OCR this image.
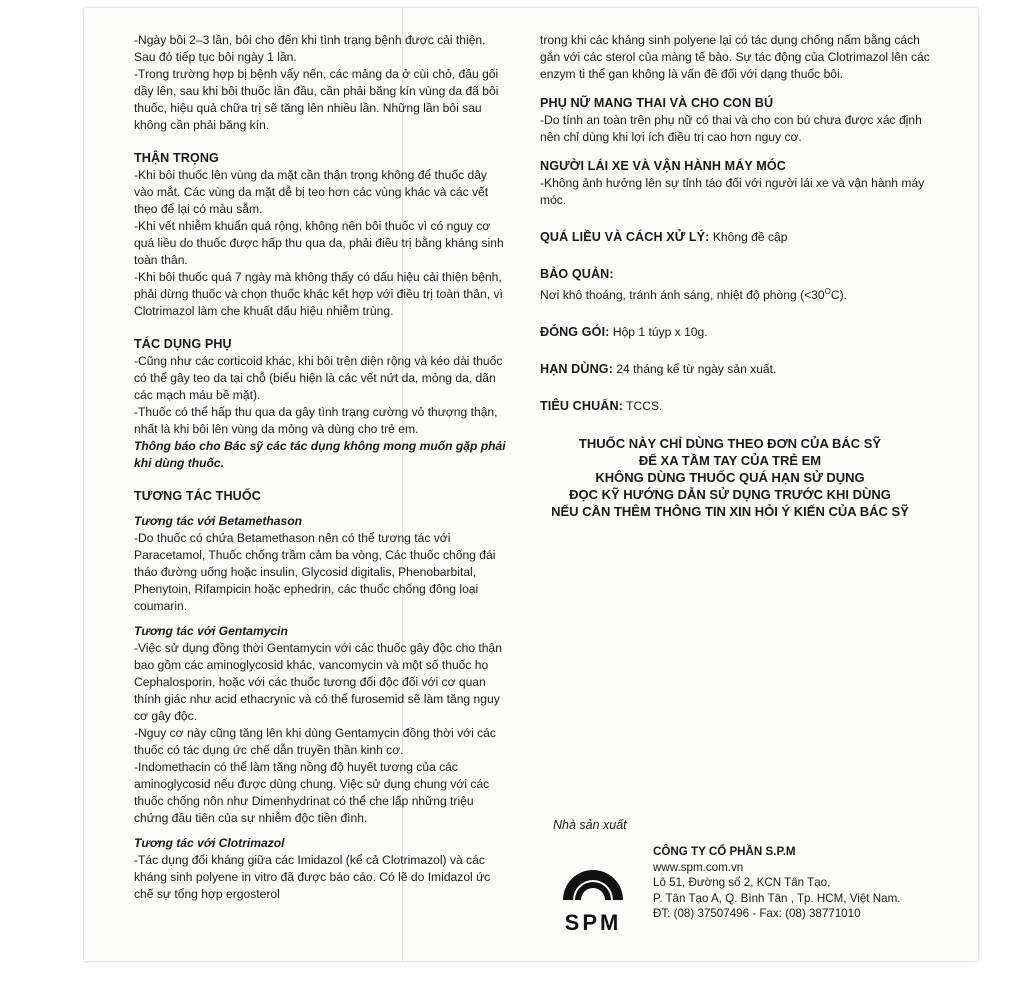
-Ngày bôi 2–3 lần, bôi cho đến khi tình trạng bệnh được cải thiện. Sau đó tiếp tục bôi ngày 1 lần.

-Trong trường hợp bị bệnh vẩy nến, các mảng da ở cùi chỏ, đầu gối dầy lên, sau khi bôi thuốc lần đầu, cần phải băng kín vùng da đã bôi thuốc, hiệu quả chữa trị sẽ tăng lên nhiều lần. Những lần bôi sau không cần phải băng kín.

THẬN TRỌNG

-Khi bôi thuốc lên vùng da mặt cần thận trọng không để thuốc dây vào mắt. Các vùng da mặt dễ bị teo hơn các vùng khác và các vết thẹo để lại có màu sẫm.

-Khi vết nhiễm khuẩn quá rộng, không nên bôi thuốc vì có nguy cơ quá liều do thuốc được hấp thu qua da, phải điều trị bằng kháng sinh toàn thân.

-Khi bôi thuốc quá 7 ngày mà không thấy có dấu hiệu cải thiện bệnh, phải dừng thuốc và chọn thuốc khác kết hợp với điều trị toàn thân, vì Clotrimazol làm che khuất dấu hiệu nhiễm trùng.

TÁC DỤNG PHỤ

-Cũng như các corticoid khác, khi bôi trên diện rộng và kéo dài thuốc có thể gây teo da tại chỗ (biểu hiện là các vết nứt da, mỏng da, dãn các mạch máu bề mặt).

-Thuốc có thể hấp thu qua da gây tình trạng cường vỏ thượng thận, nhất là khi bôi lên vùng da mỏng và dùng cho trẻ em.

Thông báo cho Bác sỹ các tác dụng không mong muốn gặp phải khi dùng thuốc.

TƯƠNG TÁC THUỐC

Tương tác với Betamethason

-Do thuốc có chứa Betamethason nên có thể tương tác với Paracetamol, Thuốc chống trầm cảm ba vòng, Các thuốc chống đái tháo đường uống hoặc insulin, Glycosid digitalis, Phenobarbital, Phenytoin, Rifampicin hoặc ephedrin, các thuốc chống đông loại coumarin.

Tương tác với Gentamycin

-Việc sử dụng đồng thời Gentamycin với các thuốc gây độc cho thận bao gồm các aminoglycosid khác, vancomycin và một số thuốc họ Cephalosporin, hoặc với các thuốc tương đối độc đối với cơ quan thính giác như acid ethacrynic và có thể furosemid sẽ làm tăng nguy cơ gây độc.

-Nguy cơ này cũng tăng lên khi dùng Gentamycin đồng thời với các thuốc có tác dụng ức chế dẫn truyền thần kinh cơ.

-Indomethacin có thể làm tăng nồng độ huyết tương của các aminoglycosid nếu được dùng chung. Việc sử dụng chung với các thuốc chống nôn như Dimenhydrinat có thể che lấp những triệu chứng đầu tiên của sự nhiễm độc tiền đình.

Tương tác với Clotrimazol

-Tác dụng đối kháng giữa các Imidazol (kể cả Clotrimazol) và các kháng sinh polyene in vitro đã được báo cáo. Có lẽ do Imidazol ức chế sự tổng hợp ergosterol

trong khi các kháng sinh polyene lại có tác dụng chống nấm bằng cách gắn với các sterol của màng tế bào. Sự tác động của Clotrimazol lên các enzym ti thể gan không là vấn đề đối với dạng thuốc bôi.

PHỤ NỮ MANG THAI VÀ CHO CON BÚ

-Do tính an toàn trên phụ nữ có thai và cho con bú chưa được xác định nên chỉ dùng khi lợi ích điều trị cao hơn nguy cơ.

NGƯỜI LÁI XE VÀ VẬN HÀNH MÁY MÓC

-Không ảnh hưởng lên sự tỉnh táo đối với người lái xe và vận hành máy móc.

QUÁ LIỀU VÀ CÁCH XỬ LÝ: Không đề cập

BẢO QUẢN:

Nơi khô thoáng, tránh ánh sáng, nhiệt độ phòng $(<30^OC)$.

ĐÓNG GÓI: Hộp 1 túyp x 10g.

HẠN DÙNG: 24 tháng kể từ ngày sản xuất.

TIÊU CHUẨN: TCCS.

THUỐC NÀY CHỈ DÙNG THEO ĐƠN CỦA BÁC SỸ
ĐỂ XA TẦM TAY CỦA TRẺ EM
KHÔNG DÙNG THUỐC QUÁ HẠN SỬ DỤNG
ĐỌC KỸ HƯỚNG DẪN SỬ DỤNG TRƯỚC KHI DÙNG
NẾU CẦN THÊM THÔNG TIN XIN HỎI Ý KIẾN CỦA BÁC SỸ
Nhà sản xuất
SPM
CÔNG TY CỔ PHẦN S.P.M
www.spm.com.vn
Lô 51, Đường số 2, KCN Tân Tạo,
P. Tân Tạo A, Q. Bình Tân , Tp. HCM, Việt Nam.
ĐT: (08) 37507496 - Fax: (08) 38771010
